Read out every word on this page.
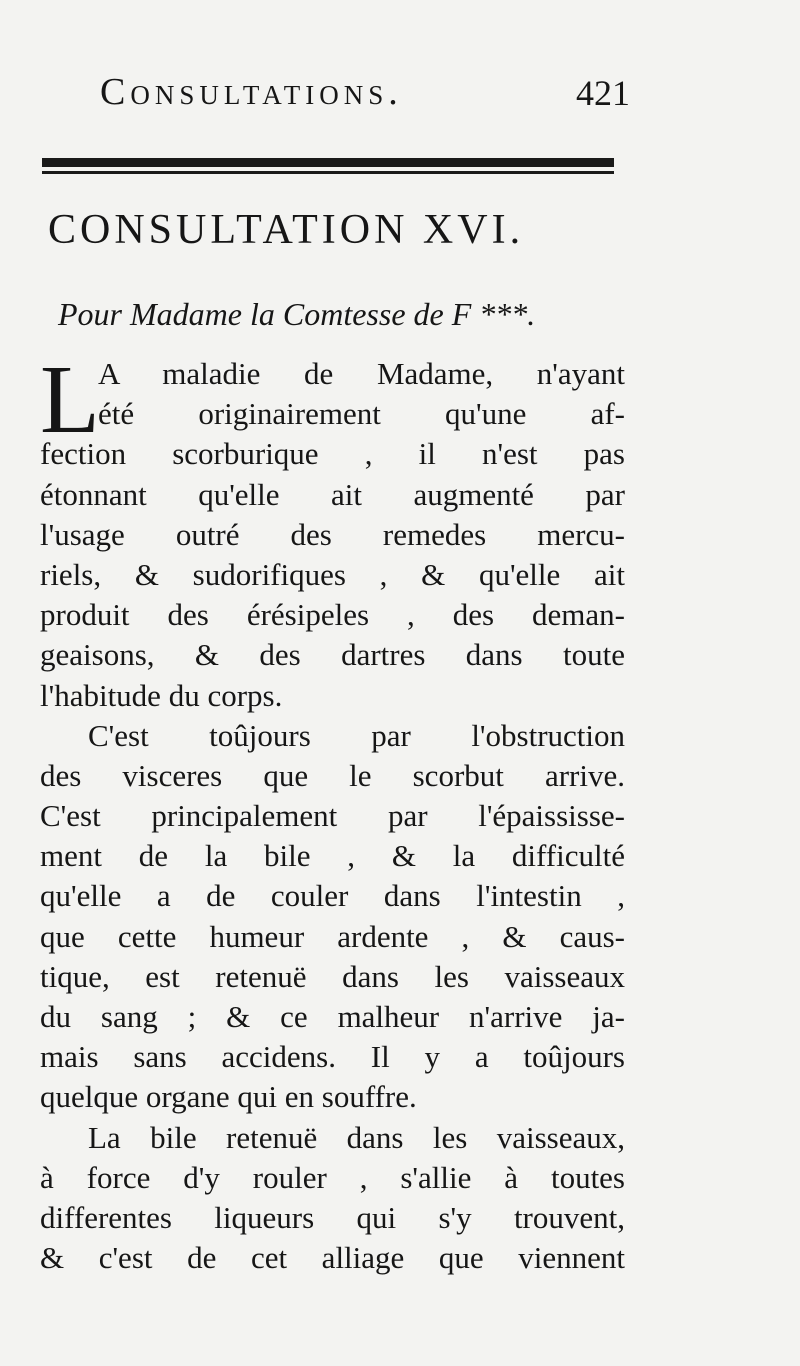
Consultations.	421
CONSULTATION XVI.
Pour Madame la Comtesse de F ***.
L
A maladie de Madame, n'ayant
été originairement qu'une af-
fection scorburique , il n'est pas
étonnant qu'elle ait augmenté par
l'usage outré des remedes mercu-
riels, & sudorifiques , & qu'elle ait
produit des érésipeles , des deman-
geaisons, & des dartres dans toute
l'habitude du corps.
C'est toûjours par l'obstruction
des visceres que le scorbut arrive.
C'est principalement par l'épaississe-
ment de la bile , & la difficulté
qu'elle a de couler dans l'intestin ,
que cette humeur ardente , & caus-
tique, est retenuë dans les vaisseaux
du sang ; & ce malheur n'arrive ja-
mais sans accidens. Il y a toûjours
quelque organe qui en souffre.
La bile retenuë dans les vaisseaux,
à force d'y rouler , s'allie à toutes
differentes liqueurs qui s'y trouvent,
& c'est de cet alliage que viennent
